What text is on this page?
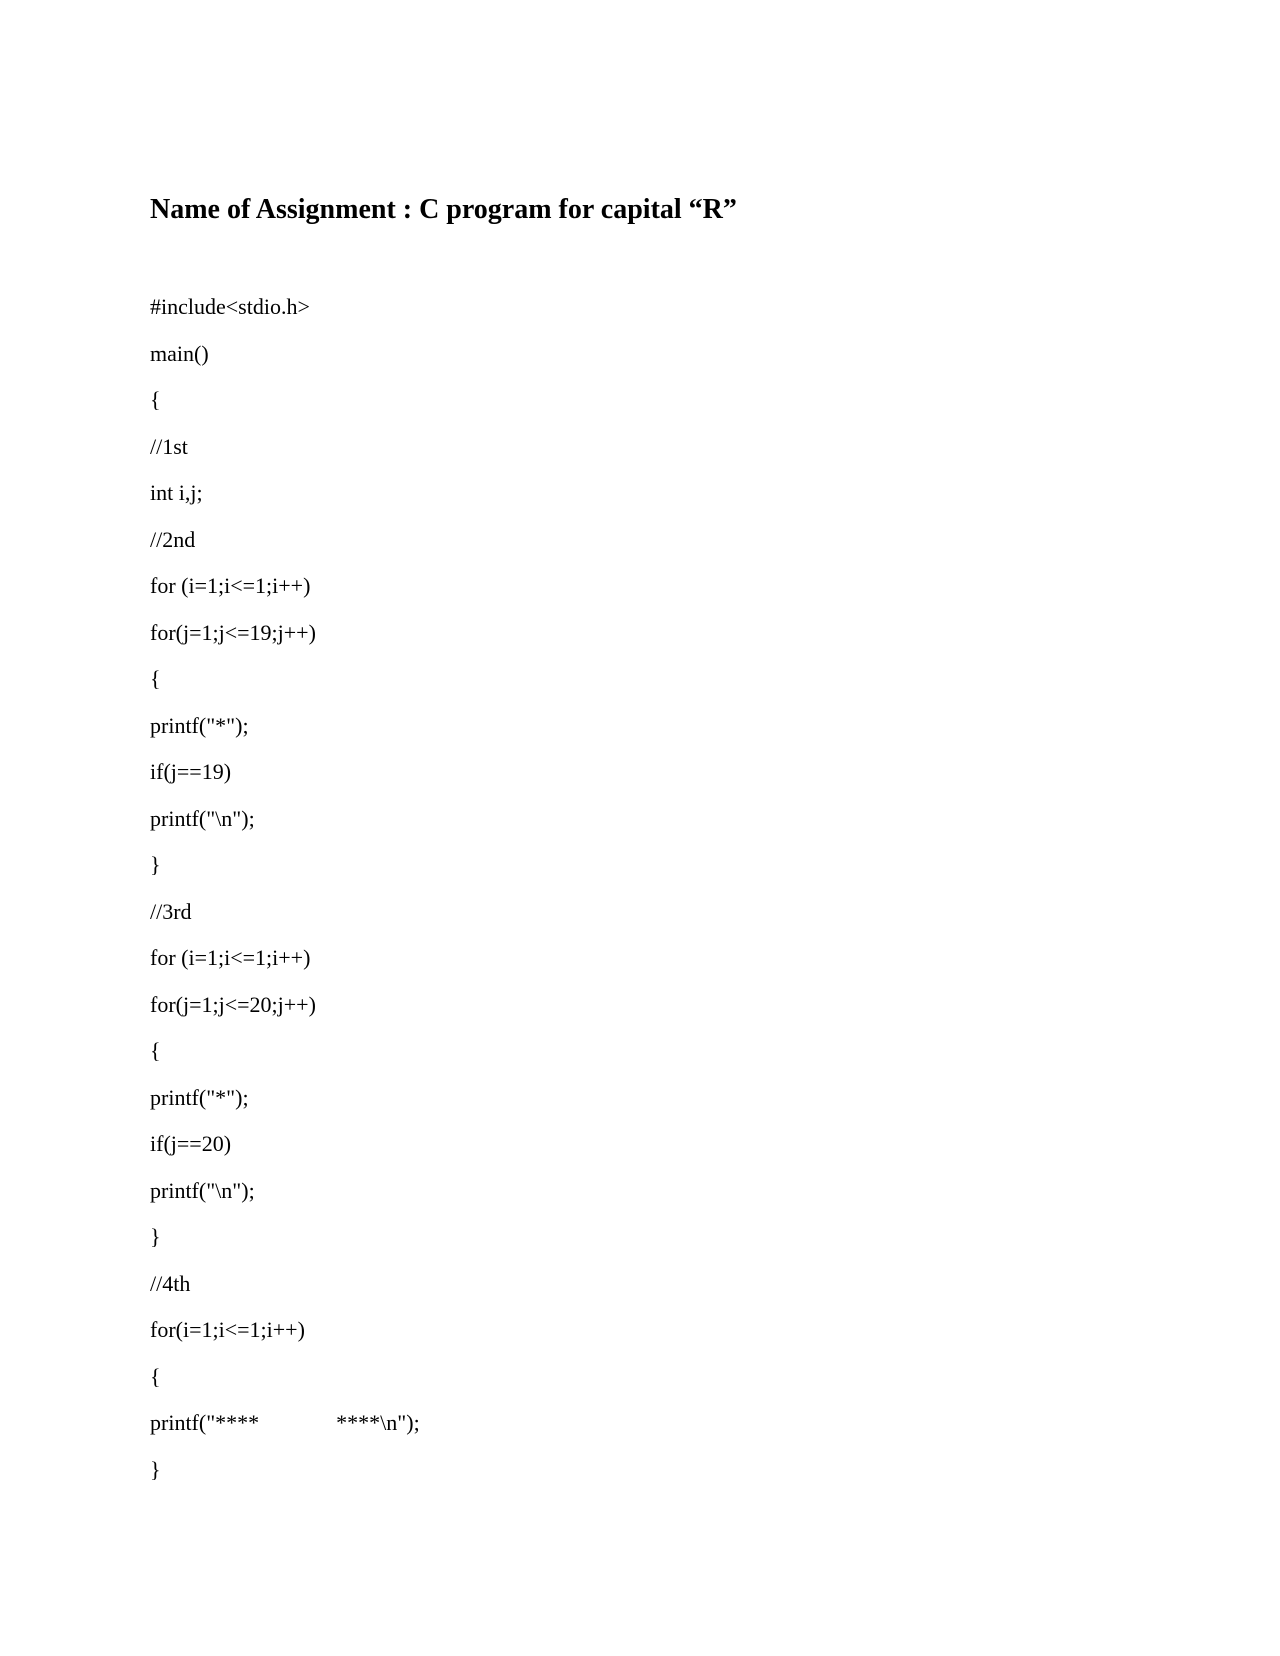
Name of Assignment : C program for capital “R”
#include<stdio.h>
main()
{
//1st
int i,j;
//2nd
for (i=1;i<=1;i++)
for(j=1;j<=19;j++)
{
printf("*");
if(j==19)
printf("\n");
}
//3rd
for (i=1;i<=1;i++)
for(j=1;j<=20;j++)
{
printf("*");
if(j==20)
printf("\n");
}
//4th
for(i=1;i<=1;i++)
{
printf("****              ****\n");
}
